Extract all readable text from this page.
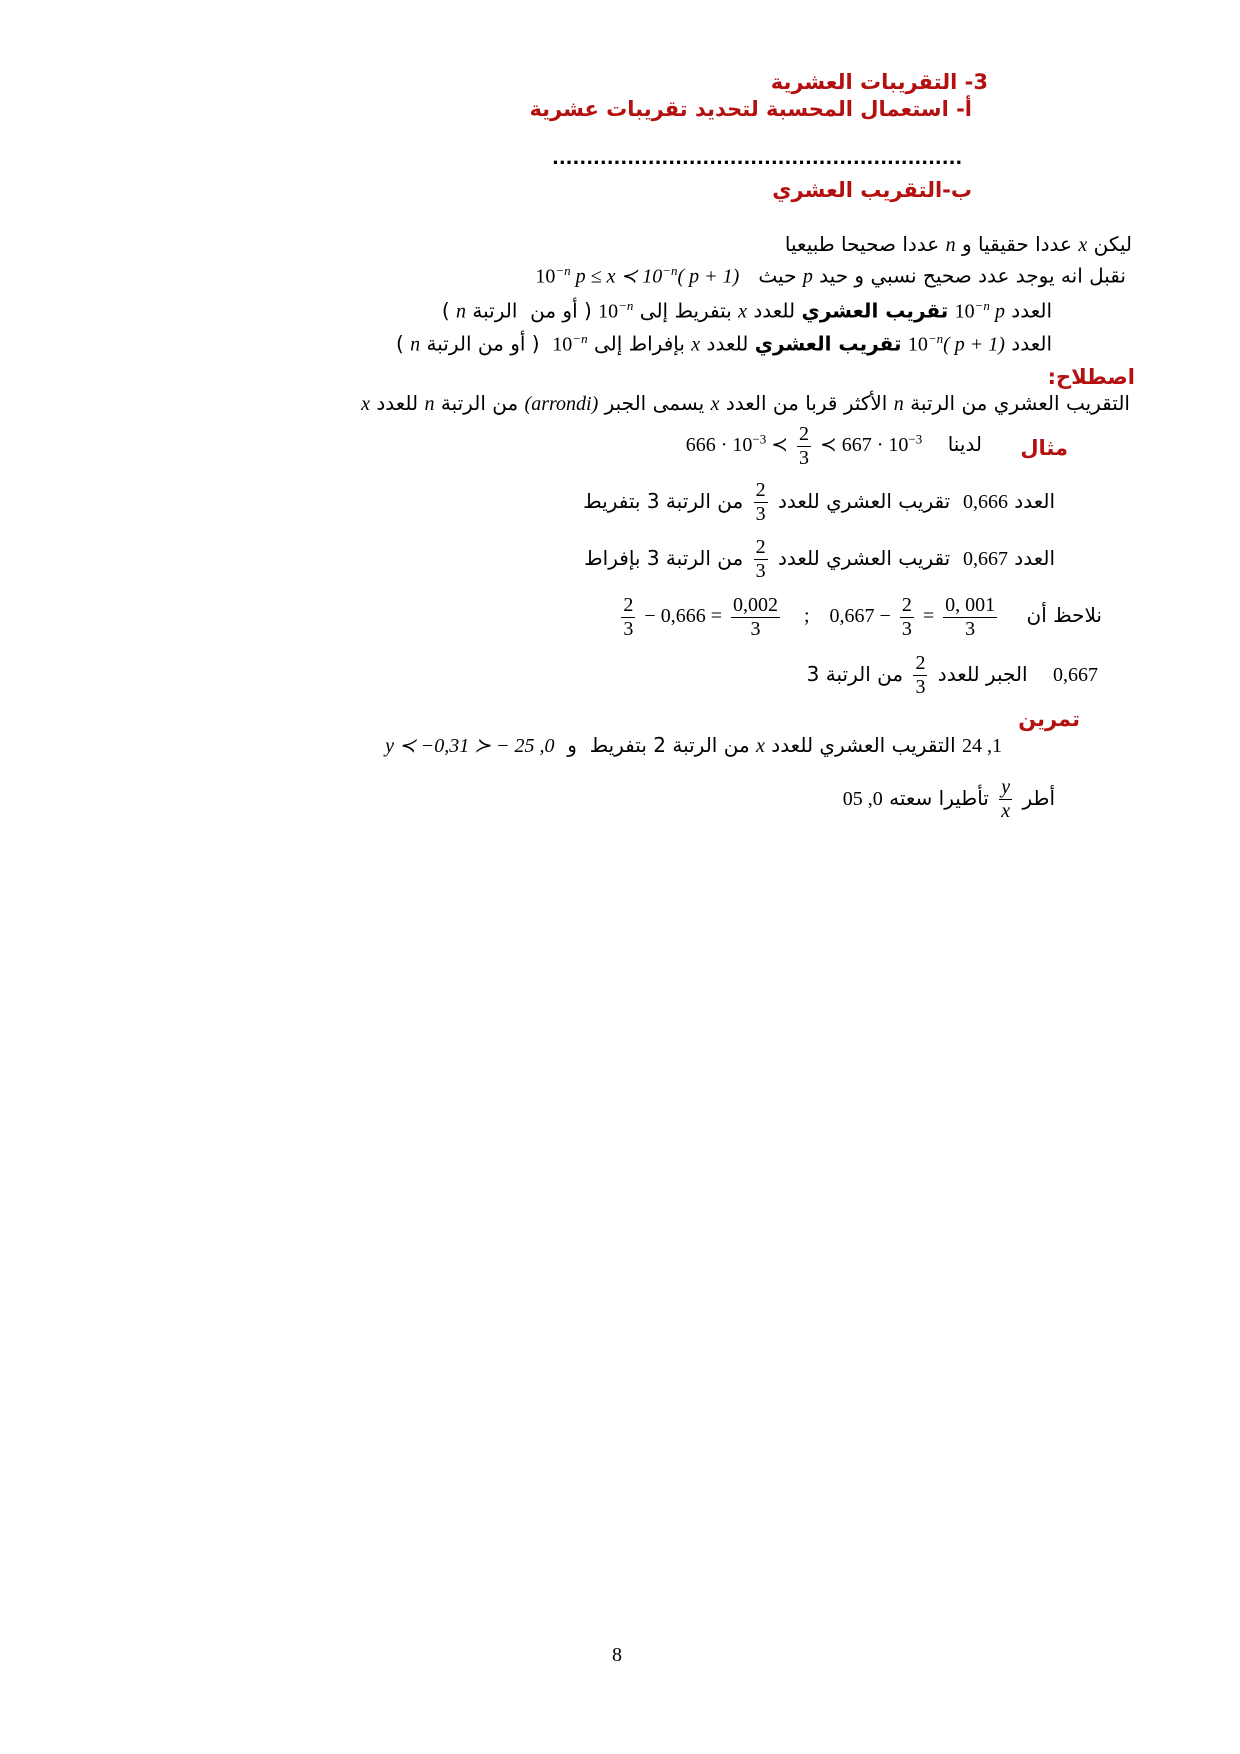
3- التقريبات العشرية
أ- استعمال المحسبة لتحديد تقريبات عشرية
............................................................
ب-التقريب العشري
ليكن x عددا حقيقيا و n عددا صحيحا طبيعيا
نقبل انه يوجد عدد صحيح نسبي و حيد p حيث   $10^{-n}$ p ≤ x ≺ $10^{-n}$( p + 1)
العدد $10^{-n}$ p تقريب العشري للعدد x بتفريط إلى $10^{-n}$ ( أو من  الرتبة n )
العدد $10^{-n}$( p + 1) تقريب العشري للعدد x بإفراط إلى $10^{-n}$  ( أو من الرتبة n )
اصطلاح:
التقريب العشري من الرتبة n الأكثر قربا من العدد x يسمى الجبر (arrondi) من الرتبة n للعدد x
مثال
لدينا    $666 \cdot 10^{-3}$ ≺ $\frac{2}{3}$ ≺ $667 \cdot 10^{-3}$
العدد 0,666  تقريب العشري للعدد
$\frac{2}{3}$
من الرتبة 3 بتفريط
العدد 0,667  تقريب العشري للعدد
$\frac{2}{3}$
من الرتبة 3 بإفراط
نلاحظ أن
$\frac{2}{3} - 0,666 = \frac{0,002}{3}$ ; $0,667 - \frac{2}{3} = \frac{0, 001}{3}$
0,667    الجبر للعدد
$\frac{2}{3}$
من الرتبة 3
تمرين
1, 24 التقريب العشري للعدد x من الرتبة 2 بتفريط  و  0, 25 − ≺ y ≺ −0,31
أطر
$\frac{y}{x}$
تأطيرا سعته 0, 05
8
